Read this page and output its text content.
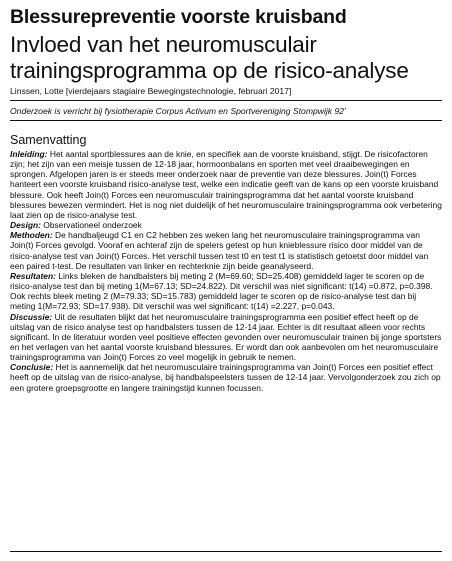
Blessurepreventie voorste kruisband
Invloed van het neuromusculair
trainingsprogramma op de risico-analyse
Linssen, Lotte [vierdejaars stagiaire Bewegingstechnologie, februari 2017]
Onderzoek is verricht bij fysiotherapie Corpus Activum en Sportvereniging Stompwijk 92’
Samenvatting

Inleiding: Het aantal sportblessures aan de knie, en specifiek aan de voorste kruisband, stijgt. De risicofactoren zijn; het zijn van een meisje tussen de 12-18 jaar, hormoonbalans en sporten met veel draaibewegingen en sprongen. Afgelopen jaren is er steeds meer onderzoek naar de preventie van deze blessures. Join(t) Forces hanteert een voorste kruisband risico-analyse test, welke een indicatie geeft van de kans op een voorste kruisband blessure. Ook heeft Join(t) Forces een neuromusculair trainingsprogramma dat het aantal voorste kruisband blessures bewezen vermindert. Het is nog niet duidelijk of het neuromusculaire trainingsprogramma ook verbetering laat zien op de risico-analyse test.

Design: Observationeel onderzoek

Methoden: De handbaljeugd C1 en C2 hebben zes weken lang het neuromusculaire trainingsprogramma van Join(t) Forces gevolgd. Vooraf en achteraf zijn de spelers getest op hun knieblessure risico door middel van de risico-analyse test van Join(t) Forces. Het verschil tussen test t0 en test t1 is statistisch getoetst door middel van een paired t-test. De resultaten van linker en rechterknie zijn beide geanalyseerd.

Resultaten: Links bleken de handbalsters bij meting 2 (M=69.60; SD=25.408) gemiddeld lager te scoren op de risico-analyse test dan bij meting 1(M=67.13; SD=24.822). Dit verschil was niet significant: t(14) =0.872, p=0.398. Ook rechts bleek meting 2 (M=79.33; SD=15.783) gemiddeld lager te scoren op de risico-analyse test dan bij meting 1(M=72.93; SD=17.938). Dit verschil was wel significant: t(14) =2.227, p=0.043.

Discussie: Uit de resultaten blijkt dat het neuromusculaire trainingsprogramma een positief effect heeft op de uitslag van de risico analyse test op handbalsters tussen de 12-14 jaar. Echter is dit resultaat alleen voor rechts significant. In de literatuur worden veel positieve effecten gevonden over neuromusculair trainen bij jonge sportsters en het verlagen van het aantal voorste kruisband blessures. Er wordt dan ook aanbevolen om het neuromusculaire trainingsprogramma van Join(t) Forces zo veel mogelijk in gebruik te nemen.

Conclusie: Het is aannemelijk dat het neuromusculaire trainingsprogramma van Join(t) Forces een positief effect heeft op de uitslag van de risico-analyse, bij handbalspeelsters tussen de 12-14 jaar. Vervolgonderzoek zou zich op een grotere groepsgrootte en langere trainingstijd kunnen focussen.
